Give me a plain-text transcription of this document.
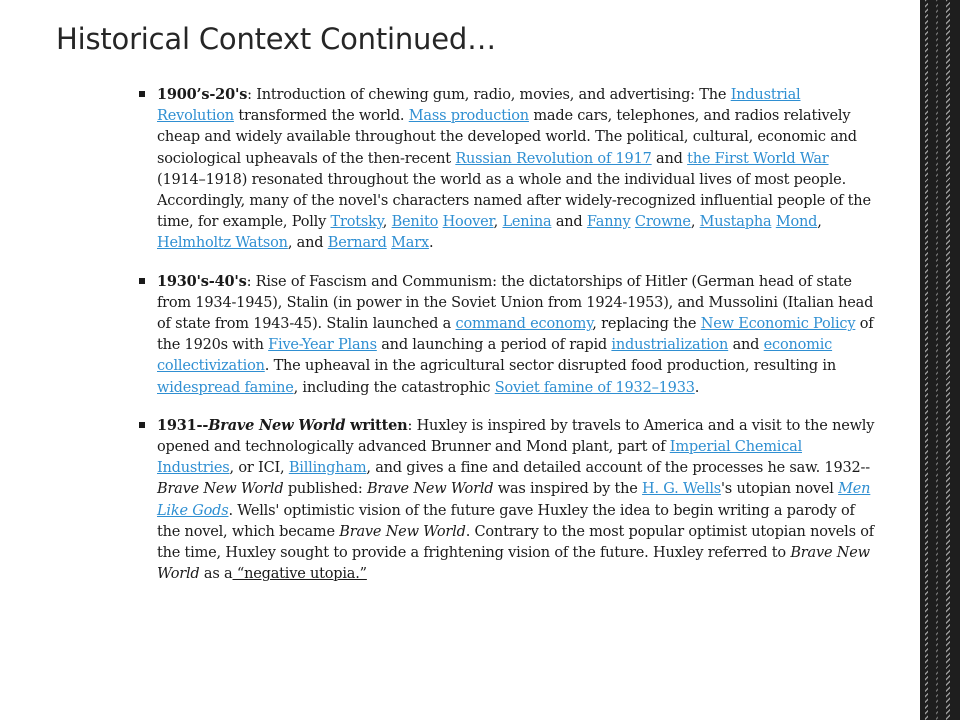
Historical Context Continued…

1900’s-20's: Introduction of chewing gum, radio, movies, and advertising: The Industrial Revolution transformed the world. Mass production made cars, telephones, and radios relatively cheap and widely available throughout the developed world. The political, cultural, economic and sociological upheavals of the then-recent Russian Revolution of 1917 and the First World War (1914–1918) resonated throughout the world as a whole and the individual lives of most people. Accordingly, many of the novel's characters named after widely-recognized influential people of the time, for example, Polly Trotsky, Benito Hoover, Lenina and Fanny Crowne, Mustapha Mond, Helmholtz Watson, and Bernard Marx.

1930's-40's: Rise of Fascism and Communism: the dictatorships of Hitler (German head of state from 1934-1945), Stalin (in power in the Soviet Union from 1924-1953), and Mussolini (Italian head of state from 1943-45). Stalin launched a command economy, replacing the New Economic Policy of the 1920s with Five-Year Plans and launching a period of rapid industrialization and economic collectivization. The upheaval in the agricultural sector disrupted food production, resulting in widespread famine, including the catastrophic Soviet famine of 1932–1933.

1931--Brave New World written: Huxley is inspired by travels to America and a visit to the newly opened and technologically advanced Brunner and Mond plant, part of Imperial Chemical Industries, or ICI, Billingham, and gives a fine and detailed account of the processes he saw. 1932--Brave New World published: Brave New World was inspired by the H. G. Wells's utopian novel Men Like Gods. Wells' optimistic vision of the future gave Huxley the idea to begin writing a parody of the novel, which became Brave New World. Contrary to the most popular optimist utopian novels of the time, Huxley sought to provide a frightening vision of the future. Huxley referred to Brave New World as a “negative utopia.”
